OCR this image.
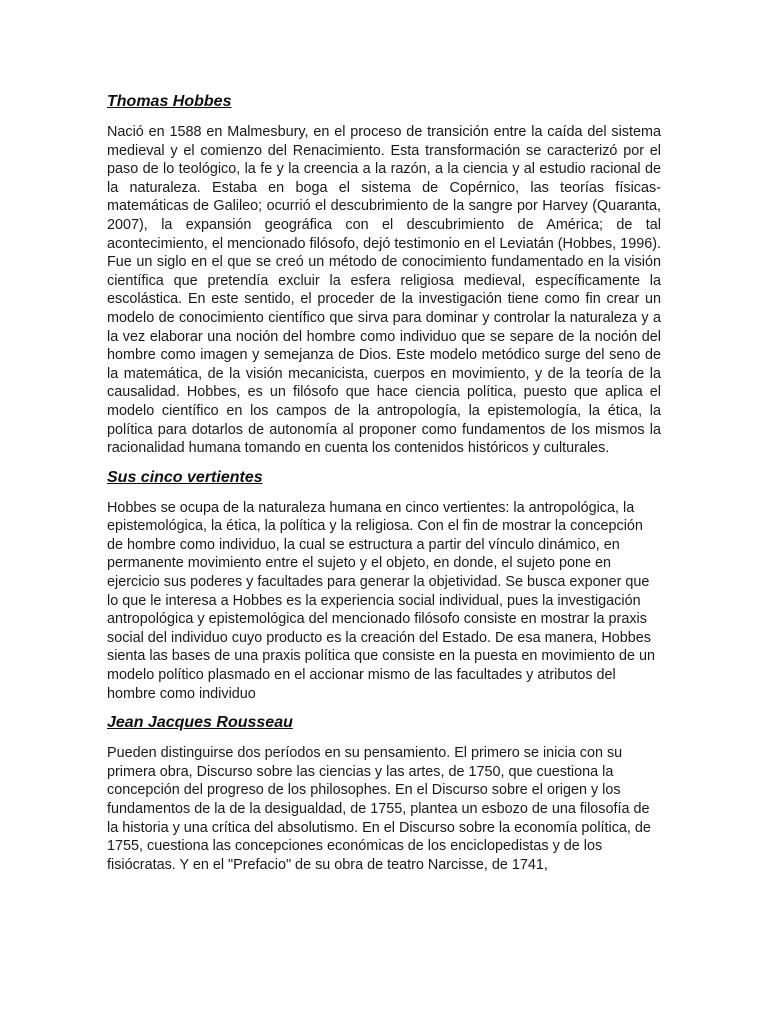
Thomas Hobbes

Nació en 1588 en Malmesbury, en el proceso de transición entre la caída del sistema medieval y el comienzo del Renacimiento. Esta transformación se caracterizó por el paso de lo teológico, la fe y la creencia a la razón, a la ciencia y al estudio racional de la naturaleza. Estaba en boga el sistema de Copérnico, las teorías físicas-matemáticas de Galileo; ocurrió el descubrimiento de la sangre por Harvey (Quaranta, 2007), la expansión geográfica con el descubrimiento de América; de tal acontecimiento, el mencionado filósofo, dejó testimonio en el Leviatán (Hobbes, 1996). Fue un siglo en el que se creó un método de conocimiento fundamentado en la visión científica que pretendía excluir la esfera religiosa medieval, específicamente la escolástica. En este sentido, el proceder de la investigación tiene como fin crear un modelo de conocimiento científico que sirva para dominar y controlar la naturaleza y a la vez elaborar una noción del hombre como individuo que se separe de la noción del hombre como imagen y semejanza de Dios. Este modelo metódico surge del seno de la matemática, de la visión mecanicista, cuerpos en movimiento, y de la teoría de la causalidad. Hobbes, es un filósofo que hace ciencia política, puesto que aplica el modelo científico en los campos de la antropología, la epistemología, la ética, la política para dotarlos de autonomía al proponer como fundamentos de los mismos la racionalidad humana tomando en cuenta los contenidos históricos y culturales.

Sus cinco vertientes

Hobbes se ocupa de la naturaleza humana en cinco vertientes: la antropológica, la epistemológica, la ética, la política y la religiosa. Con el fin de mostrar la concepción de hombre como individuo, la cual se estructura a partir del vínculo dinámico, en permanente movimiento entre el sujeto y el objeto, en donde, el sujeto pone en ejercicio sus poderes y facultades para generar la objetividad. Se busca exponer que lo que le interesa a Hobbes es la experiencia social individual, pues la investigación antropológica y epistemológica del mencionado filósofo consiste en mostrar la praxis social del individuo cuyo producto es la creación del Estado. De esa manera, Hobbes sienta las bases de una praxis política que consiste en la puesta en movimiento de un modelo político plasmado en el accionar mismo de las facultades y atributos del hombre como individuo

Jean Jacques Rousseau

Pueden distinguirse dos períodos en su pensamiento. El primero se inicia con su primera obra, Discurso sobre las ciencias y las artes, de 1750, que cuestiona la concepción del progreso de los philosophes. En el Discurso sobre el origen y los fundamentos de la de la desigualdad, de 1755, plantea un esbozo de una filosofía de la historia y una crítica del absolutismo. En el Discurso sobre la economía política, de 1755, cuestiona las concepciones económicas de los enciclopedistas y de los fisiócratas. Y en el "Prefacio" de su obra de teatro Narcisse, de 1741,
